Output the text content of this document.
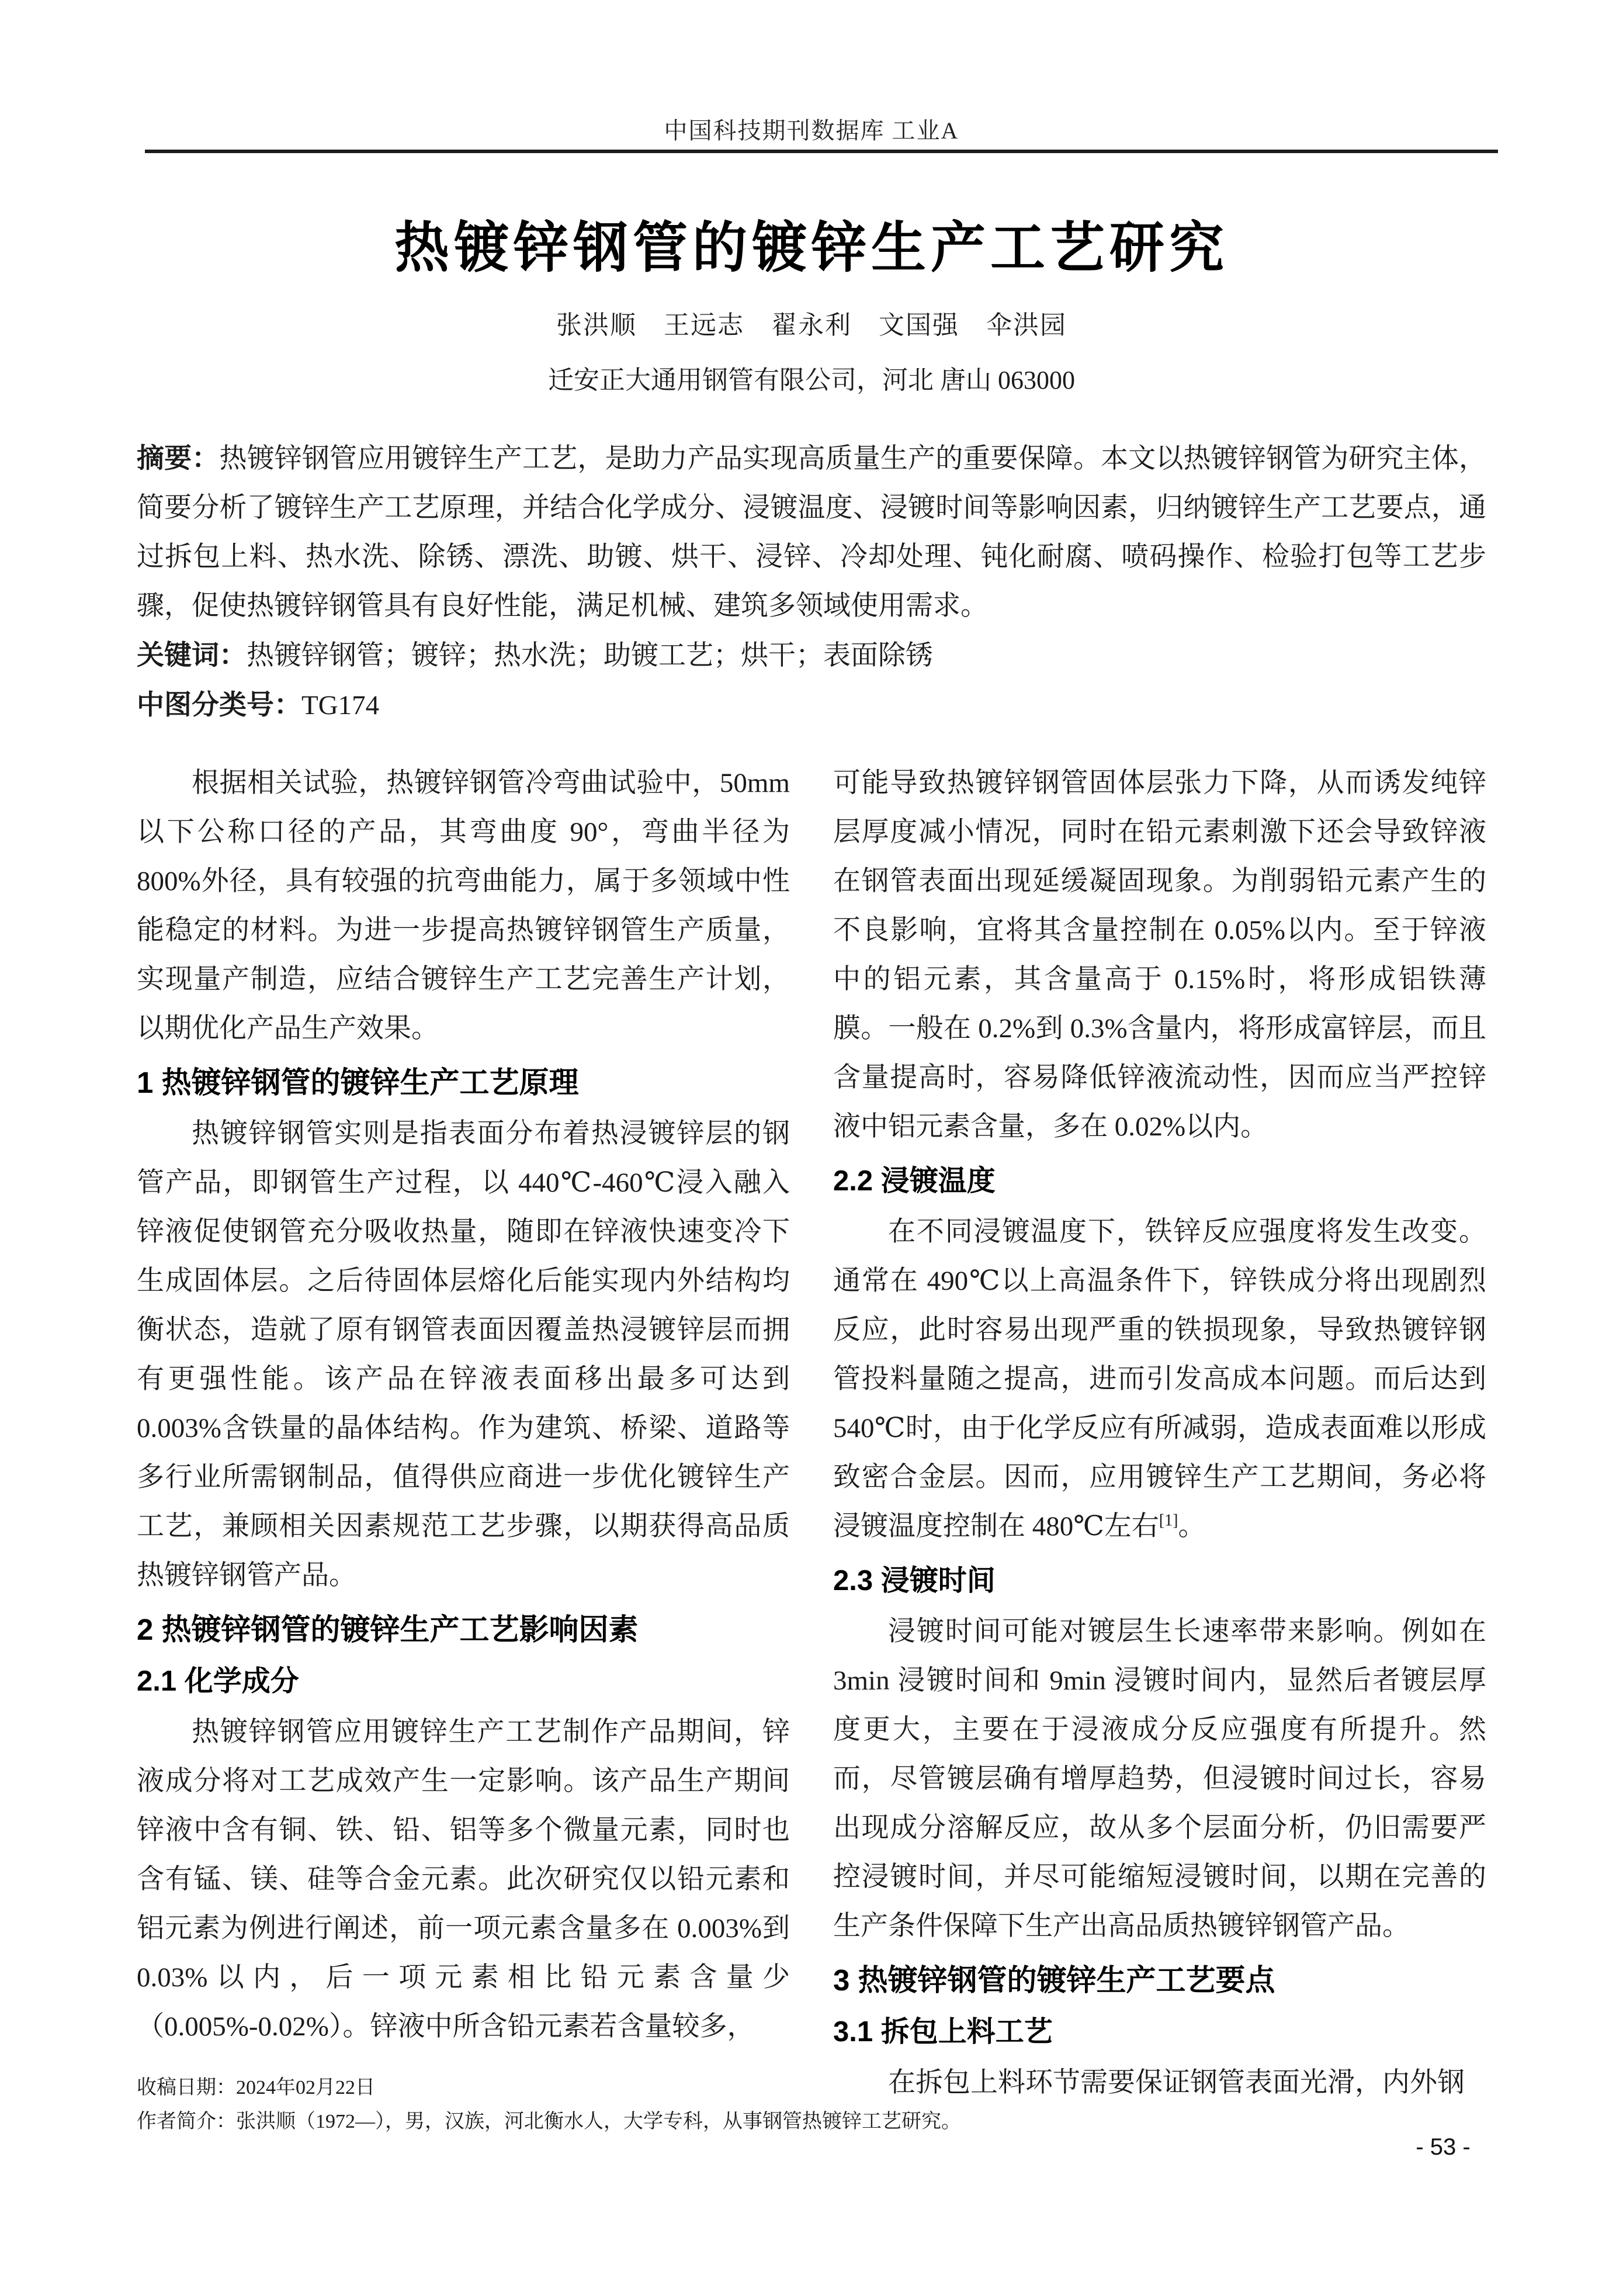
中国科技期刊数据库 工业A
热镀锌钢管的镀锌生产工艺研究
张洪顺　王远志　翟永利　文国强　伞洪园
迁安正大通用钢管有限公司，河北 唐山 063000

摘要：热镀锌钢管应用镀锌生产工艺，是助力产品实现高质量生产的重要保障。本文以热镀锌钢管为研究主体，简要分析了镀锌生产工艺原理，并结合化学成分、浸镀温度、浸镀时间等影响因素，归纳镀锌生产工艺要点，通过拆包上料、热水洗、除锈、漂洗、助镀、烘干、浸锌、冷却处理、钝化耐腐、喷码操作、检验打包等工艺步骤，促使热镀锌钢管具有良好性能，满足机械、建筑多领域使用需求。

关键词：热镀锌钢管；镀锌；热水洗；助镀工艺；烘干；表面除锈

中图分类号：TG174

根据相关试验，热镀锌钢管冷弯曲试验中，50mm以下公称口径的产品，其弯曲度 90°，弯曲半径为 800%外径，具有较强的抗弯曲能力，属于多领域中性能稳定的材料。为进一步提高热镀锌钢管生产质量，实现量产制造，应结合镀锌生产工艺完善生产计划，以期优化产品生产效果。

1 热镀锌钢管的镀锌生产工艺原理

热镀锌钢管实则是指表面分布着热浸镀锌层的钢管产品，即钢管生产过程，以 440℃-460℃浸入融入锌液促使钢管充分吸收热量，随即在锌液快速变冷下生成固体层。之后待固体层熔化后能实现内外结构均衡状态，造就了原有钢管表面因覆盖热浸镀锌层而拥有更强性能。该产品在锌液表面移出最多可达到 0.003%含铁量的晶体结构。作为建筑、桥梁、道路等多行业所需钢制品，值得供应商进一步优化镀锌生产工艺，兼顾相关因素规范工艺步骤，以期获得高品质热镀锌钢管产品。

2 热镀锌钢管的镀锌生产工艺影响因素
2.1 化学成分

热镀锌钢管应用镀锌生产工艺制作产品期间，锌液成分将对工艺成效产生一定影响。该产品生产期间锌液中含有铜、铁、铅、铝等多个微量元素，同时也含有锰、镁、硅等合金元素。此次研究仅以铅元素和铝元素为例进行阐述，前一项元素含量多在 0.003%到0.03%以内，后一项元素相比铅元素含量少（0.005%-0.02%）。锌液中所含铅元素若含量较多，

可能导致热镀锌钢管固体层张力下降，从而诱发纯锌层厚度减小情况，同时在铅元素刺激下还会导致锌液在钢管表面出现延缓凝固现象。为削弱铅元素产生的不良影响，宜将其含量控制在 0.05%以内。至于锌液中的铝元素，其含量高于 0.15%时，将形成铝铁薄膜。一般在 0.2%到 0.3%含量内，将形成富锌层，而且含量提高时，容易降低锌液流动性，因而应当严控锌液中铝元素含量，多在 0.02%以内。

2.2 浸镀温度

在不同浸镀温度下，铁锌反应强度将发生改变。通常在 490℃以上高温条件下，锌铁成分将出现剧烈反应，此时容易出现严重的铁损现象，导致热镀锌钢管投料量随之提高，进而引发高成本问题。而后达到540℃时，由于化学反应有所减弱，造成表面难以形成致密合金层。因而，应用镀锌生产工艺期间，务必将浸镀温度控制在 480℃左右[1]。

2.3 浸镀时间

浸镀时间可能对镀层生长速率带来影响。例如在3min 浸镀时间和 9min 浸镀时间内，显然后者镀层厚度更大，主要在于浸液成分反应强度有所提升。然而，尽管镀层确有增厚趋势，但浸镀时间过长，容易出现成分溶解反应，故从多个层面分析，仍旧需要严控浸镀时间，并尽可能缩短浸镀时间，以期在完善的生产条件保障下生产出高品质热镀锌钢管产品。

3 热镀锌钢管的镀锌生产工艺要点
3.1 拆包上料工艺

在拆包上料环节需要保证钢管表面光滑，内外钢

收稿日期：2024年02月22日

作者简介：张洪顺（1972—），男，汉族，河北衡水人，大学专科，从事钢管热镀锌工艺研究。

- 53 -
